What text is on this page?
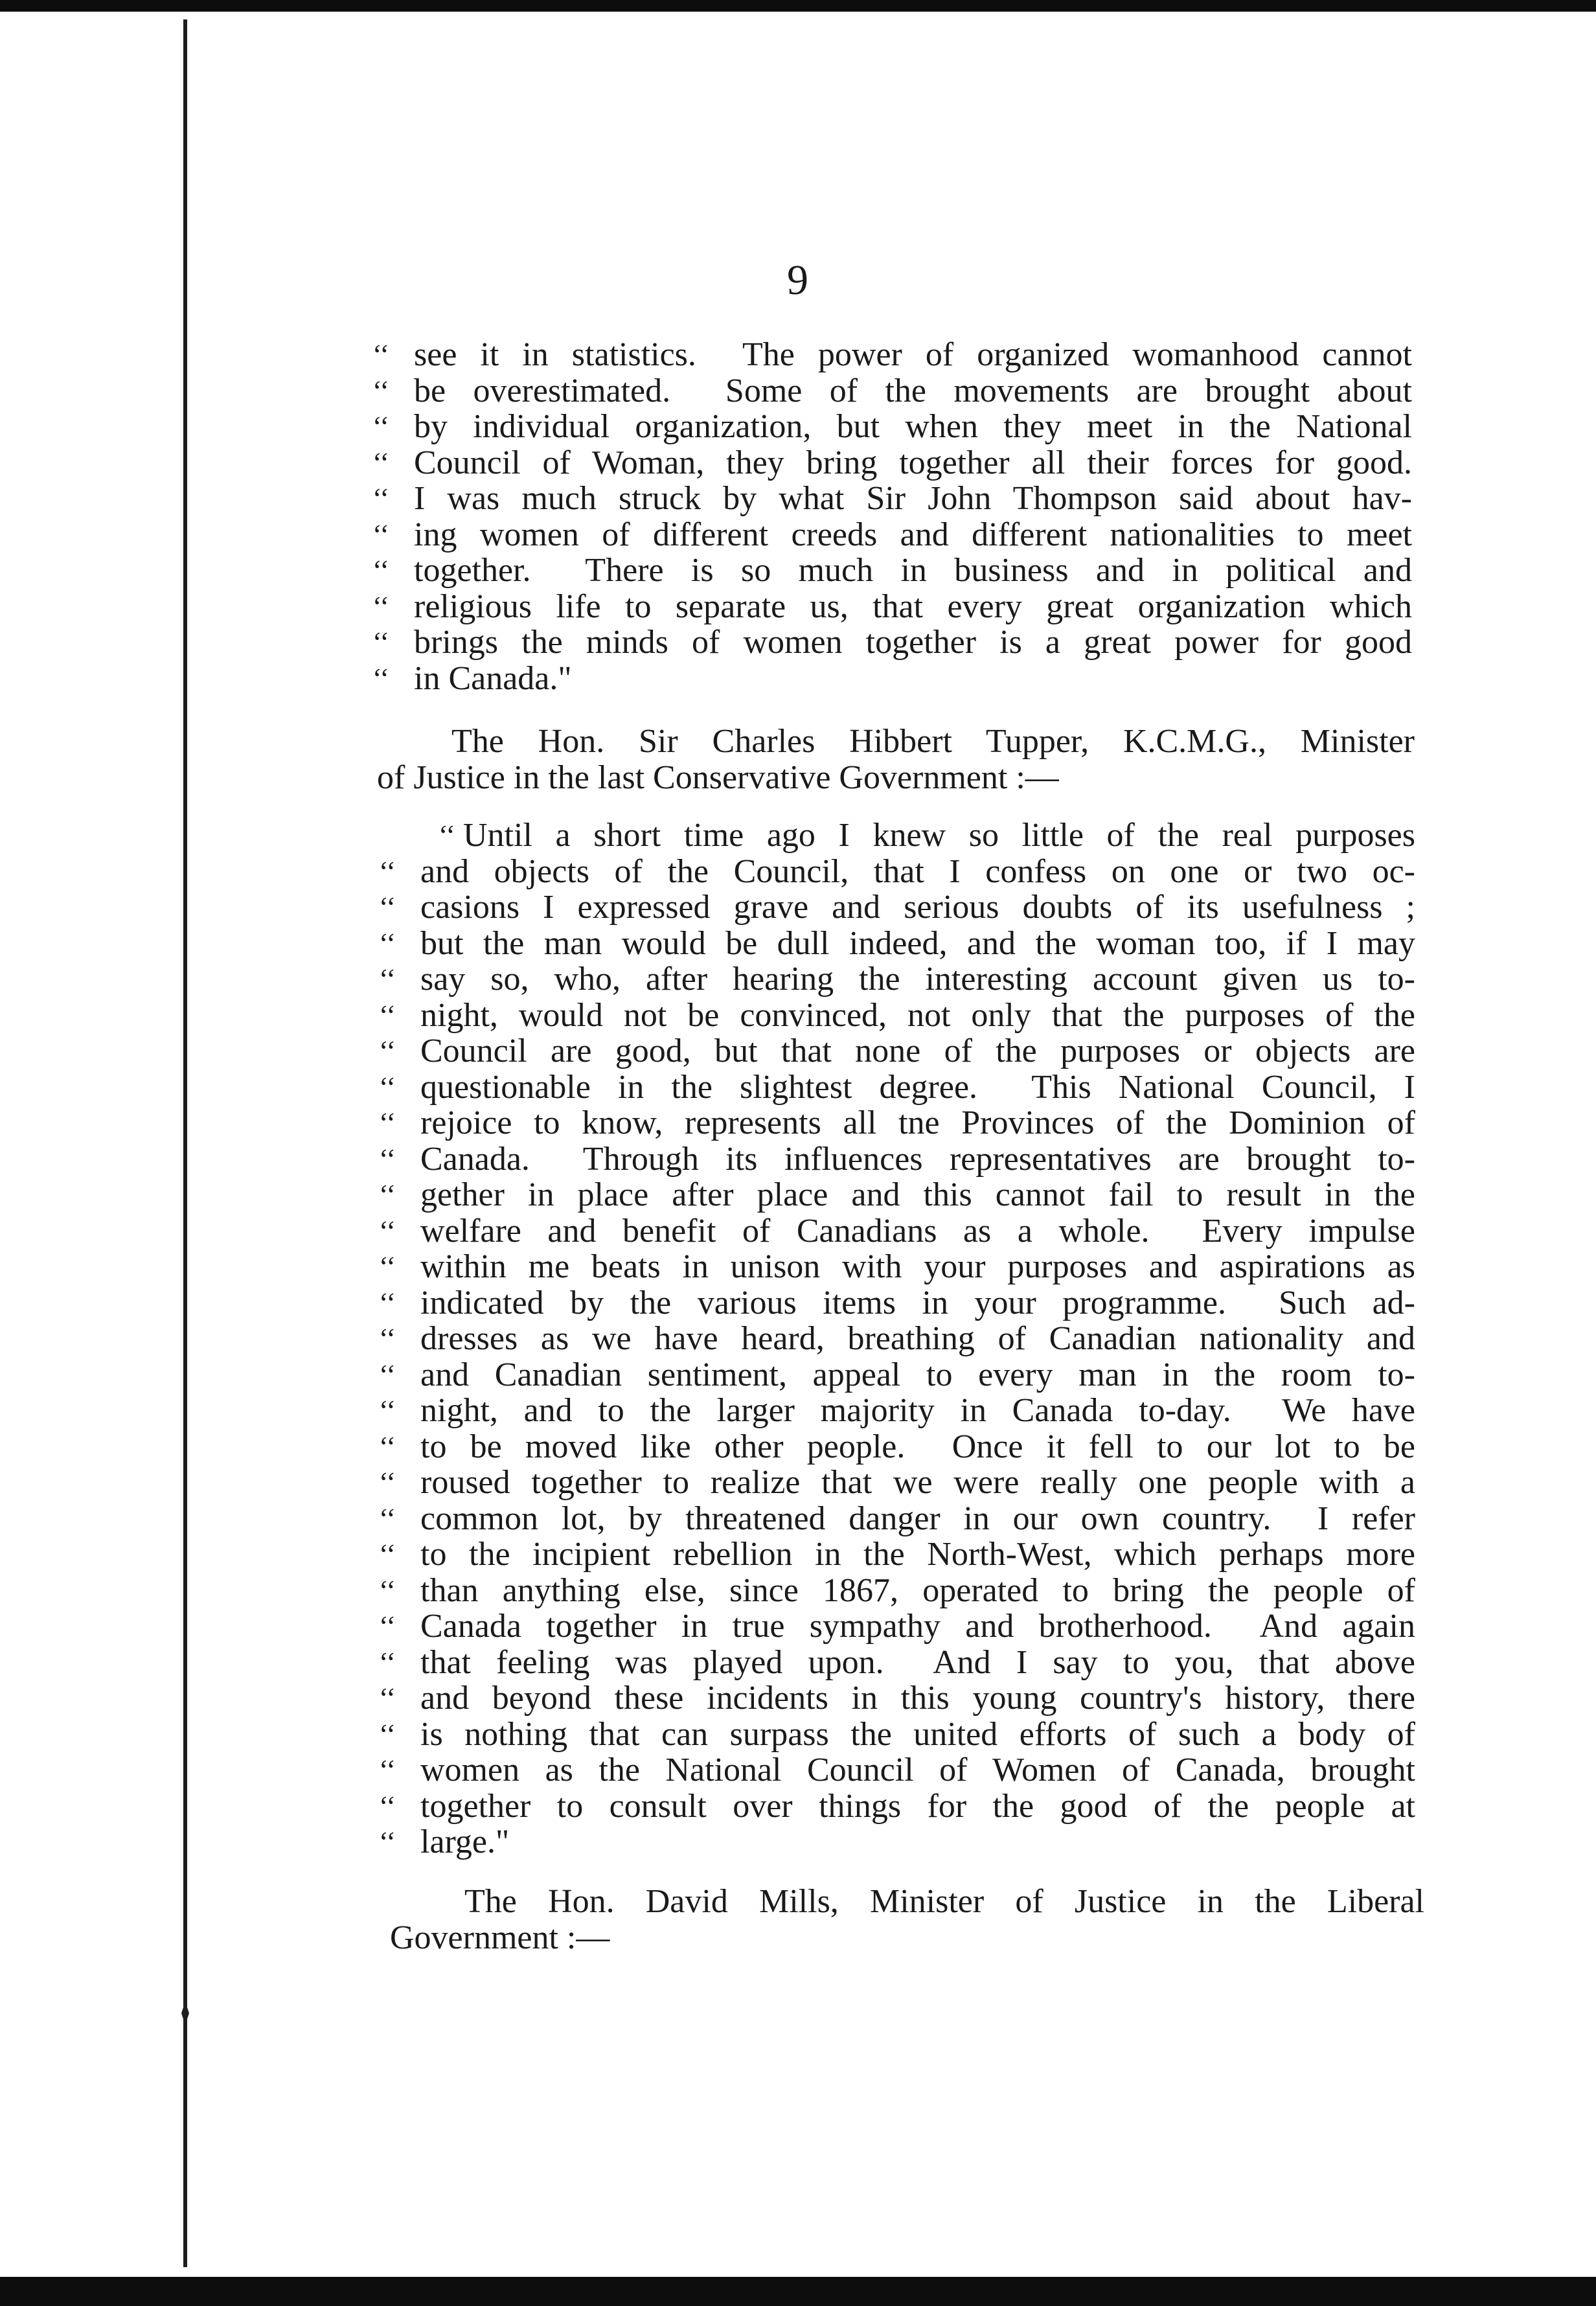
9
‘‘ see it in statistics.  The power of organized womanhood cannot
‘‘ be overestimated.  Some of the movements are brought about
‘‘ by individual organization, but when they meet in the National
‘‘ Council of Woman, they bring together all their forces for good.
‘‘ I was much struck by what Sir John Thompson said about hav-
‘‘ ing women of different creeds and different nationalities to meet
‘‘ together.  There is so much in business and in political and
‘‘ religious life to separate us, that every great organization which
‘‘ brings the minds of women together is a great power for good
‘‘ in Canada."
The Hon. Sir Charles Hibbert Tupper, K.C.M.G., Minister
of Justice in the last Conservative Government :—
‘‘ Until a short time ago I knew so little of the real purposes
‘‘ and objects of the Council, that I confess on one or two oc-
‘‘ casions I expressed grave and serious doubts of its usefulness ;
‘‘ but the man would be dull indeed, and the woman too, if I may
‘‘ say so, who, after hearing the interesting account given us to-
‘‘ night, would not be convinced, not only that the purposes of the
‘‘ Council are good, but that none of the purposes or objects are
‘‘ questionable in the slightest degree.  This National Council, I
‘‘ rejoice to know, represents all tne Provinces of the Dominion of
‘‘ Canada.  Through its influences representatives are brought to-
‘‘ gether in place after place and this cannot fail to result in the
‘‘ welfare and benefit of Canadians as a whole.  Every impulse
‘‘ within me beats in unison with your purposes and aspirations as
‘‘ indicated by the various items in your programme.  Such ad-
‘‘ dresses as we have heard, breathing of Canadian nationality and
‘‘ and Canadian sentiment, appeal to every man in the room to-
‘‘ night, and to the larger majority in Canada to-day.  We have
‘‘ to be moved like other people.  Once it fell to our lot to be
‘‘ roused together to realize that we were really one people with a
‘‘ common lot, by threatened danger in our own country.  I refer
‘‘ to the incipient rebellion in the North-West, which perhaps more
‘‘ than anything else, since 1867, operated to bring the people of
‘‘ Canada together in true sympathy and brotherhood.  And again
‘‘ that feeling was played upon.  And I say to you, that above
‘‘ and beyond these incidents in this young country's history, there
‘‘ is nothing that can surpass the united efforts of such a body of
‘‘ women as the National Council of Women of Canada, brought
‘‘ together to consult over things for the good of the people at
‘‘ large."
The Hon. David Mills, Minister of Justice in the Liberal
Government :—
